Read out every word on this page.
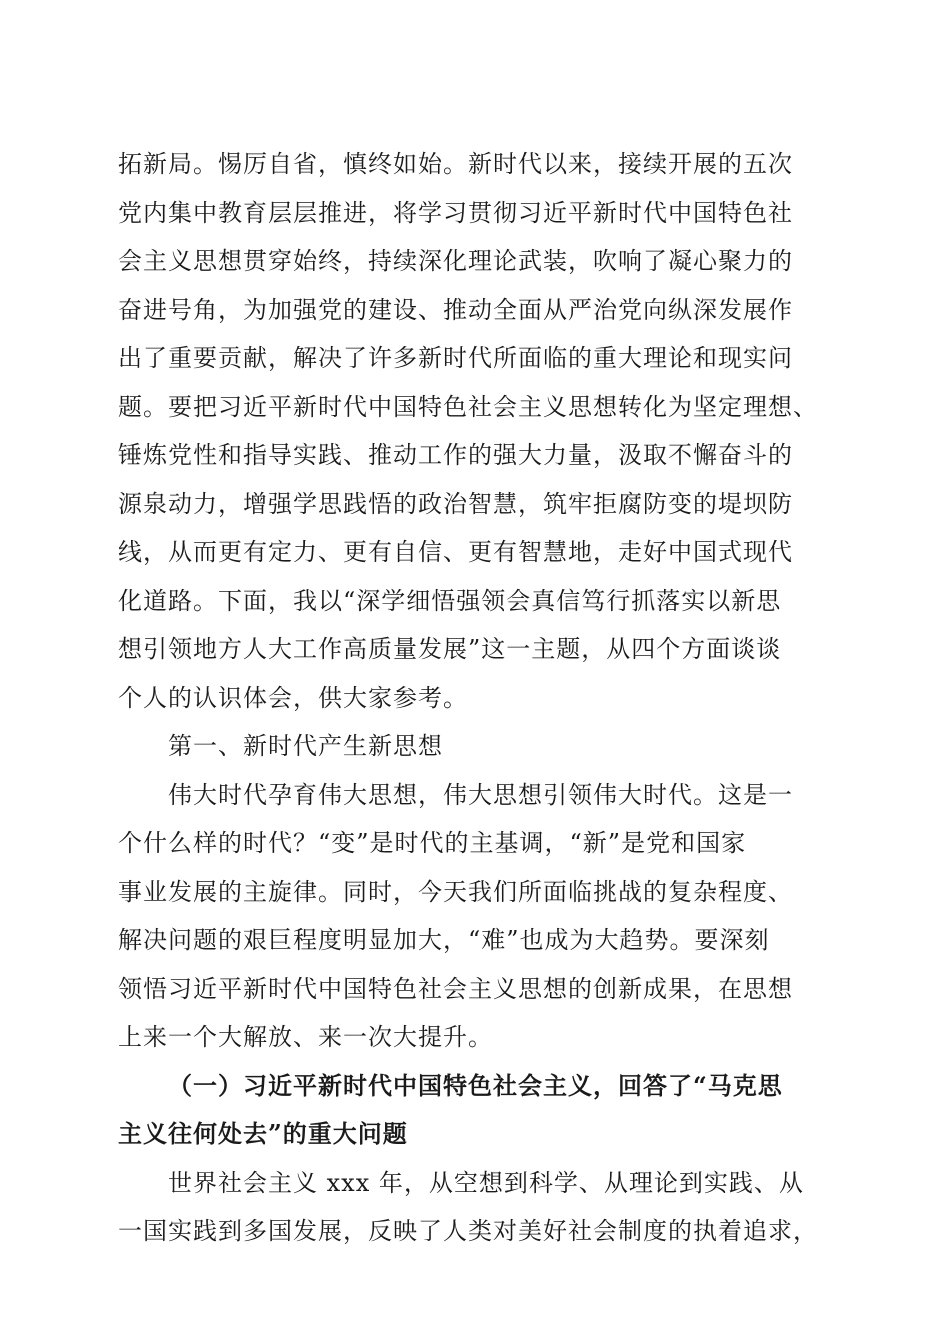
拓新局。惕厉自省，慎终如始。新时代以来，接续开展的五次
党内集中教育层层推进，将学习贯彻习近平新时代中国特色社
会主义思想贯穿始终，持续深化理论武装，吹响了凝心聚力的
奋进号角，为加强党的建设、推动全面从严治党向纵深发展作
出了重要贡献，解决了许多新时代所面临的重大理论和现实问
题。要把习近平新时代中国特色社会主义思想转化为坚定理想、
锤炼党性和指导实践、推动工作的强大力量，汲取不懈奋斗的
源泉动力，增强学思践悟的政治智慧，筑牢拒腐防变的堤坝防
线，从而更有定力、更有自信、更有智慧地，走好中国式现代
化道路。下面，我以“深学细悟强领会真信笃行抓落实以新思
想引领地方人大工作高质量发展”这一主题，从四个方面谈谈
个人的认识体会，供大家参考。
第一、新时代产生新思想
伟大时代孕育伟大思想，伟大思想引领伟大时代。这是一
个什么样的时代？“变”是时代的主基调，“新”是党和国家
事业发展的主旋律。同时，今天我们所面临挑战的复杂程度、
解决问题的艰巨程度明显加大，“难”也成为大趋势。要深刻
领悟习近平新时代中国特色社会主义思想的创新成果，在思想
上来一个大解放、来一次大提升。
（一）习近平新时代中国特色社会主义，回答了“马克思
主义往何处去”的重大问题
世界社会主义 xxx 年，从空想到科学、从理论到实践、从
一国实践到多国发展，反映了人类对美好社会制度的执着追求，
